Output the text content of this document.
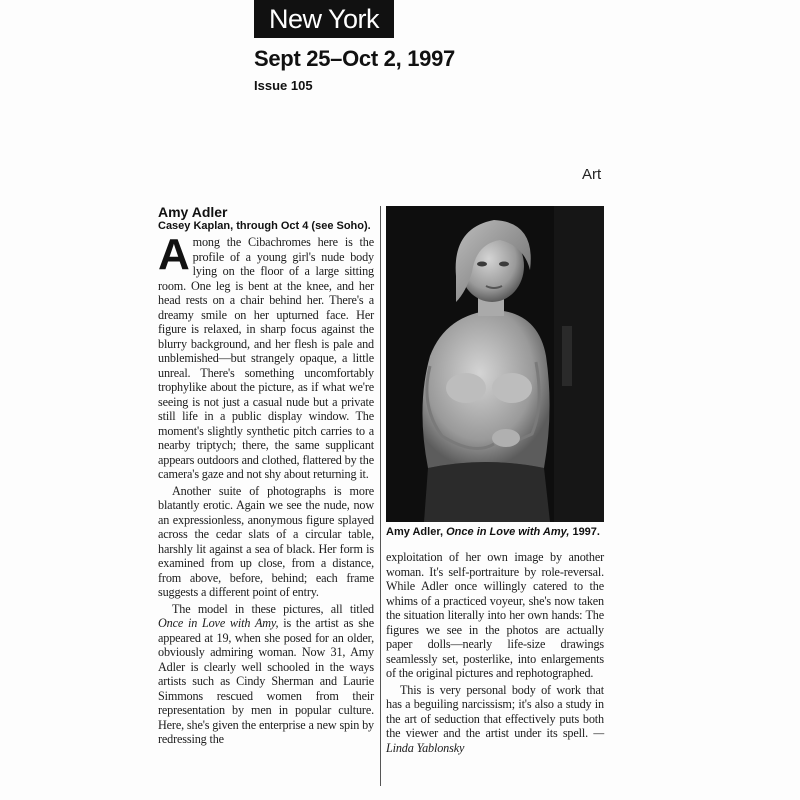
New York
Sept 25–Oct 2, 1997
Issue 105
Art
Amy Adler
Casey Kaplan, through Oct 4 (see Soho).

Among the Cibachromes here is the profile of a young girl's nude body lying on the floor of a large sitting room. One leg is bent at the knee, and her head rests on a chair behind her. There's a dreamy smile on her upturned face. Her figure is relaxed, in sharp focus against the blurry background, and her flesh is pale and unblemished—but strangely opaque, a little unreal. There's something uncomfortably trophylike about the picture, as if what we're seeing is not just a casual nude but a private still life in a public display window. The moment's slightly synthetic pitch carries to a nearby triptych; there, the same supplicant appears outdoors and clothed, flattered by the camera's gaze and not shy about returning it.

Another suite of photographs is more blatantly erotic. Again we see the nude, now an expressionless, anonymous figure splayed across the cedar slats of a circular table, harshly lit against a sea of black. Her form is examined from up close, from a distance, from above, before, behind; each frame suggests a different point of entry.

The model in these pictures, all titled Once in Love with Amy, is the artist as she appeared at 19, when she posed for an older, obviously admiring woman. Now 31, Amy Adler is clearly well schooled in the ways artists such as Cindy Sherman and Laurie Simmons rescued women from their representation by men in popular culture. Here, she's given the enterprise a new spin by redressing the

Amy Adler, Once in Love with Amy, 1997.

exploitation of her own image by another woman. It's self-portraiture by role-reversal. While Adler once willingly catered to the whims of a practiced voyeur, she's now taken the situation literally into her own hands: The figures we see in the photos are actually paper dolls—nearly life-size drawings seamlessly set, posterlike, into enlargements of the original pictures and rephotographed.

This is very personal body of work that has a beguiling narcissism; it's also a study in the art of seduction that effectively puts both the viewer and the artist under its spell. —Linda Yablonsky
